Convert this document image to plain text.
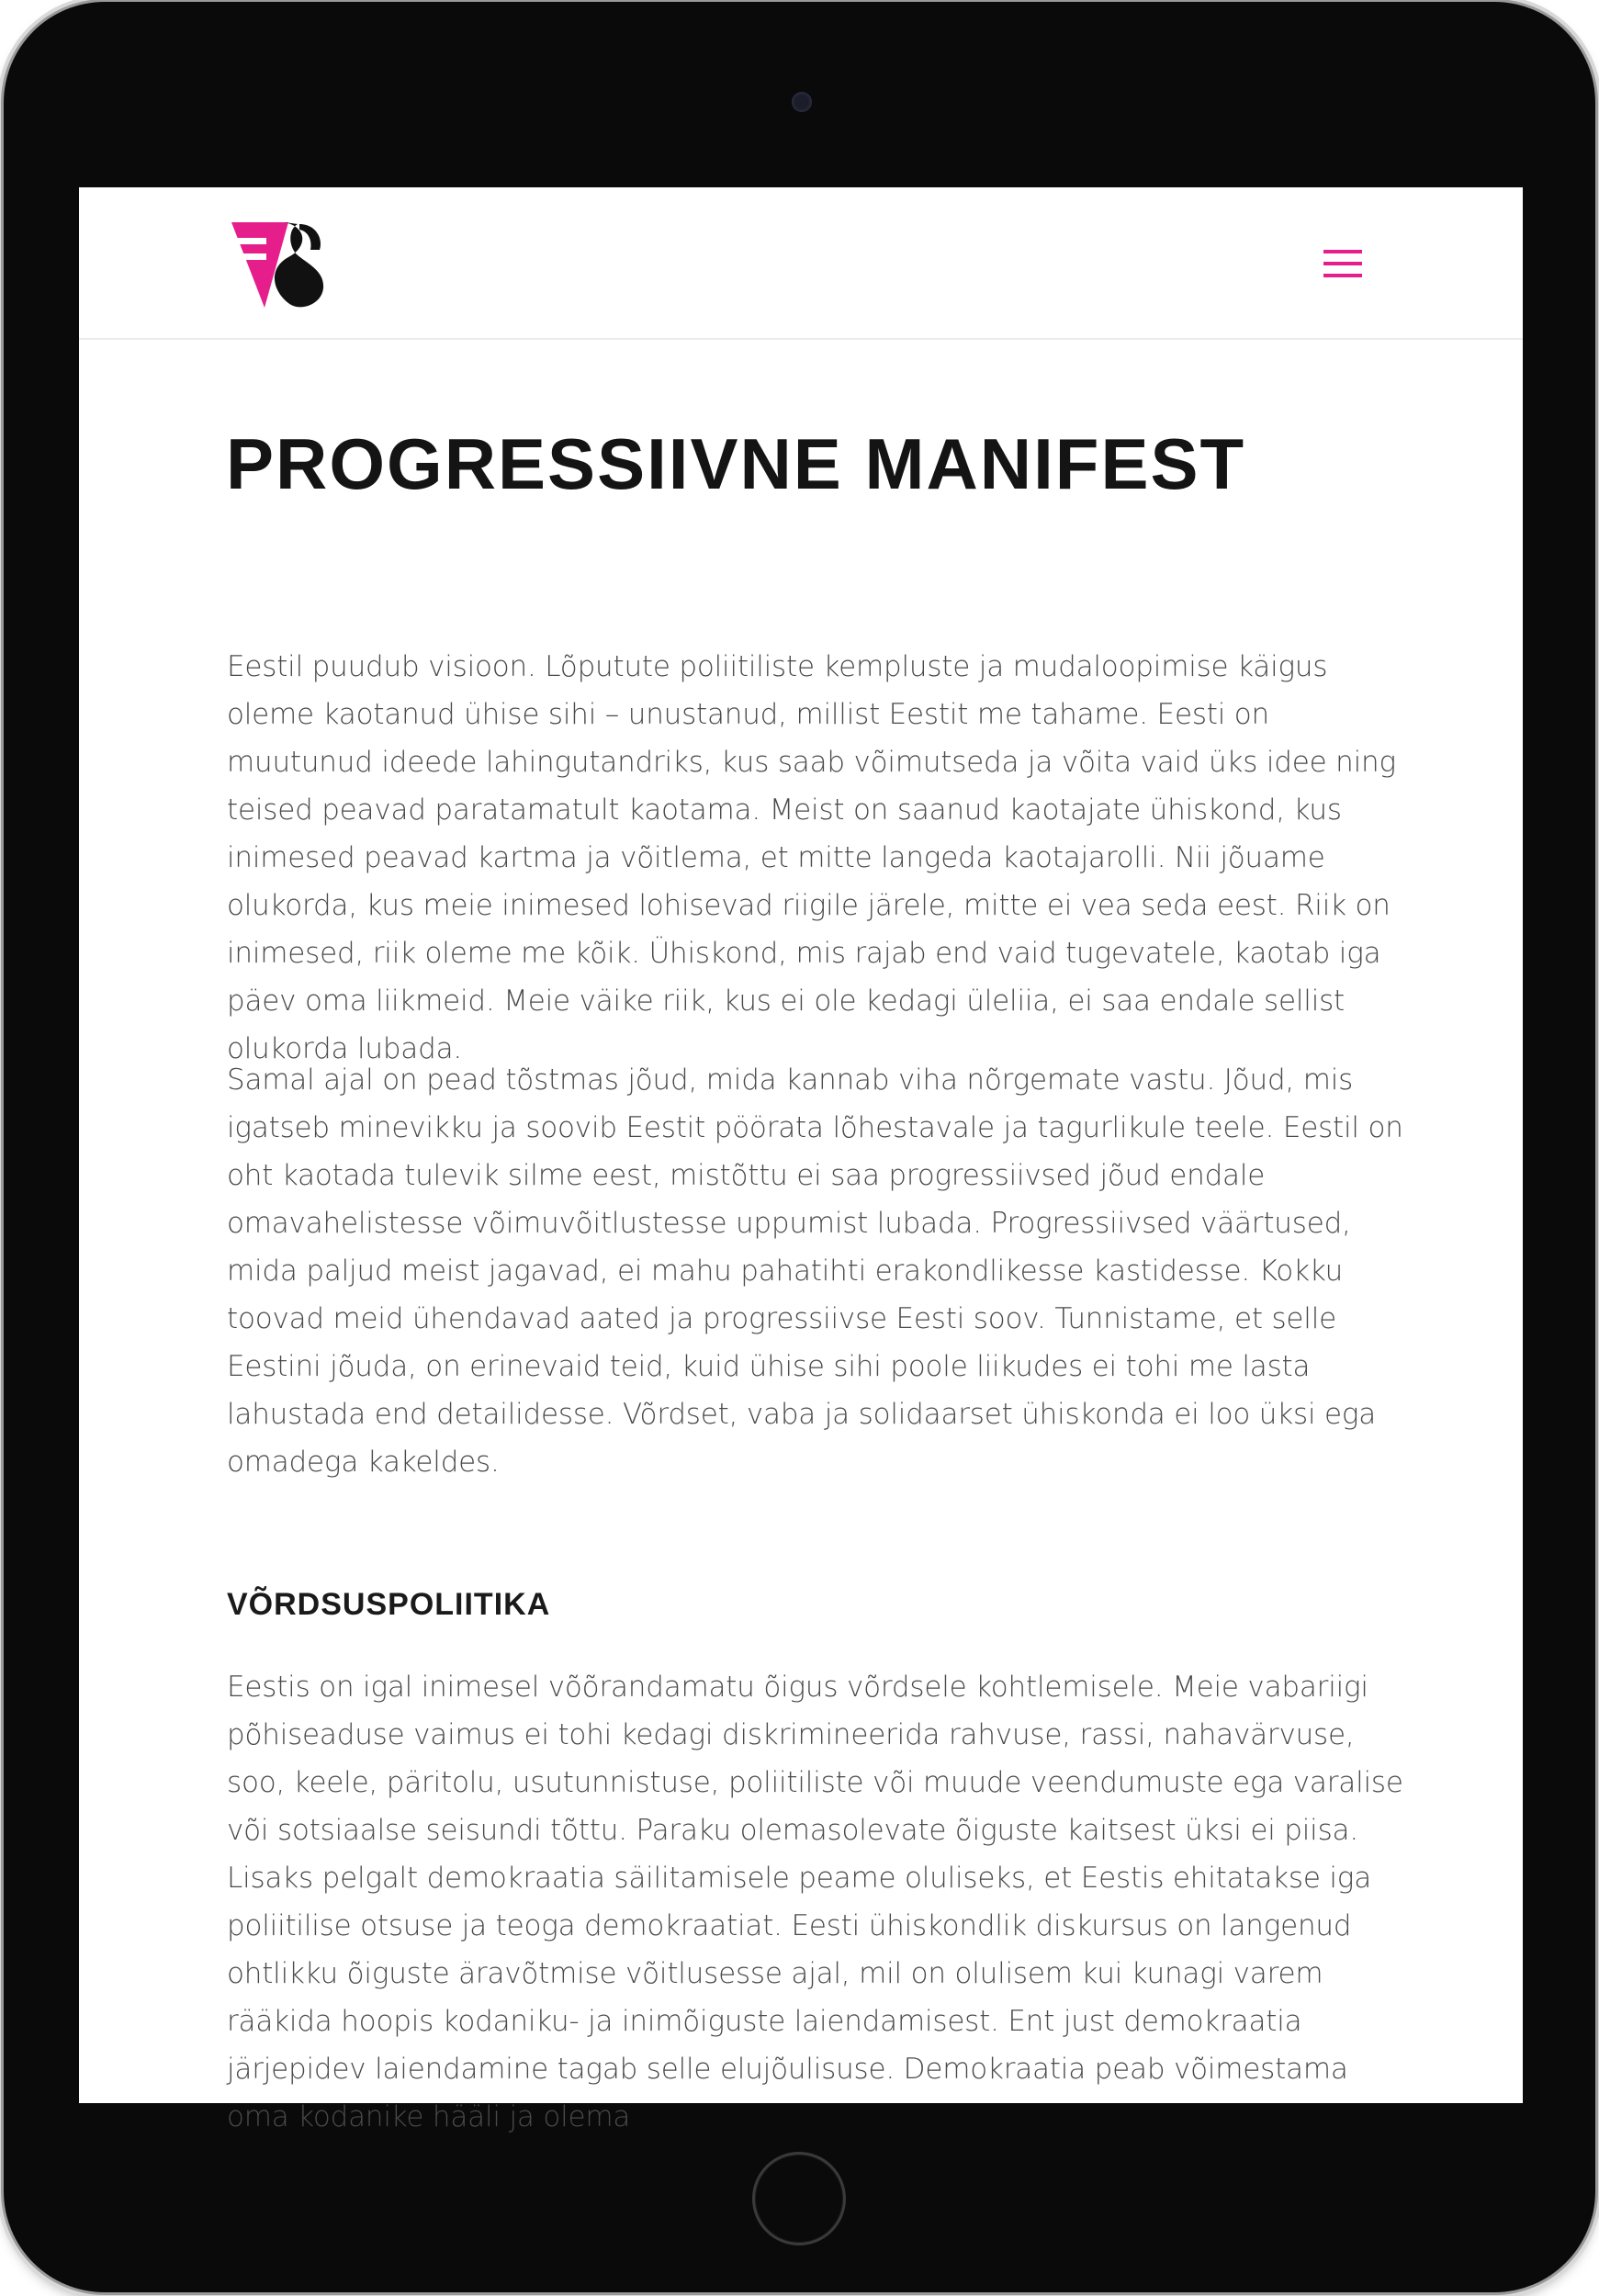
PROGRESSIIVNE MANIFEST

Eestil puudub visioon. Lõputute poliitiliste kempluste ja mudaloopimise käigus oleme kaotanud ühise sihi – unustanud, millist Eestit me tahame. Eesti on muutunud ideede lahingutandriks, kus saab võimutseda ja võita vaid üks idee ning teised peavad paratamatult kaotama. Meist on saanud kaotajate ühiskond, kus inimesed peavad kartma ja võitlema, et mitte langeda kaotajarolli. Nii jõuame olukorda, kus meie inimesed lohisevad riigile järele, mitte ei vea seda eest. Riik on inimesed, riik oleme me kõik. Ühiskond, mis rajab end vaid tugevatele, kaotab iga päev oma liikmeid. Meie väike riik, kus ei ole kedagi üleliia, ei saa endale sellist olukorda lubada.

Samal ajal on pead tõstmas jõud, mida kannab viha nõrgemate vastu. Jõud, mis igatseb minevikku ja soovib Eestit pöörata lõhestavale ja tagurlikule teele. Eestil on oht kaotada tulevik silme eest, mistõttu ei saa progressiivsed jõud endale omavahelistesse võimuvõitlustesse uppumist lubada. Progressiivsed väärtused, mida paljud meist jagavad, ei mahu pahatihti erakondlikesse kastidesse. Kokku toovad meid ühendavad aated ja progressiivse Eesti soov. Tunnistame, et selle Eestini jõuda, on erinevaid teid, kuid ühise sihi poole liikudes ei tohi me lasta lahustada end detailidesse. Võrdset, vaba ja solidaarset ühiskonda ei loo üksi ega omadega kakeldes.

VÕRDSUSPOLIITIKA

Eestis on igal inimesel võõrandamatu õigus võrdsele kohtlemisele. Meie vabariigi põhiseaduse vaimus ei tohi kedagi diskrimineerida rahvuse, rassi, nahavärvuse, soo, keele, päritolu, usutunnistuse, poliitiliste või muude veendumuste ega varalise või sotsiaalse seisundi tõttu. Paraku olemasolevate õiguste kaitsest üksi ei piisa. Lisaks pelgalt demokraatia säilitamisele peame oluliseks, et Eestis ehitatakse iga poliitilise otsuse ja teoga demokraatiat. Eesti ühiskondlik diskursus on langenud ohtlikku õiguste äravõtmise võitlusesse ajal, mil on olulisem kui kunagi varem rääkida hoopis kodaniku- ja inimõiguste laiendamisest. Ent just demokraatia järjepidev laiendamine tagab selle elujõulisuse. Demokraatia peab võimestama oma kodanike hääli ja olema
